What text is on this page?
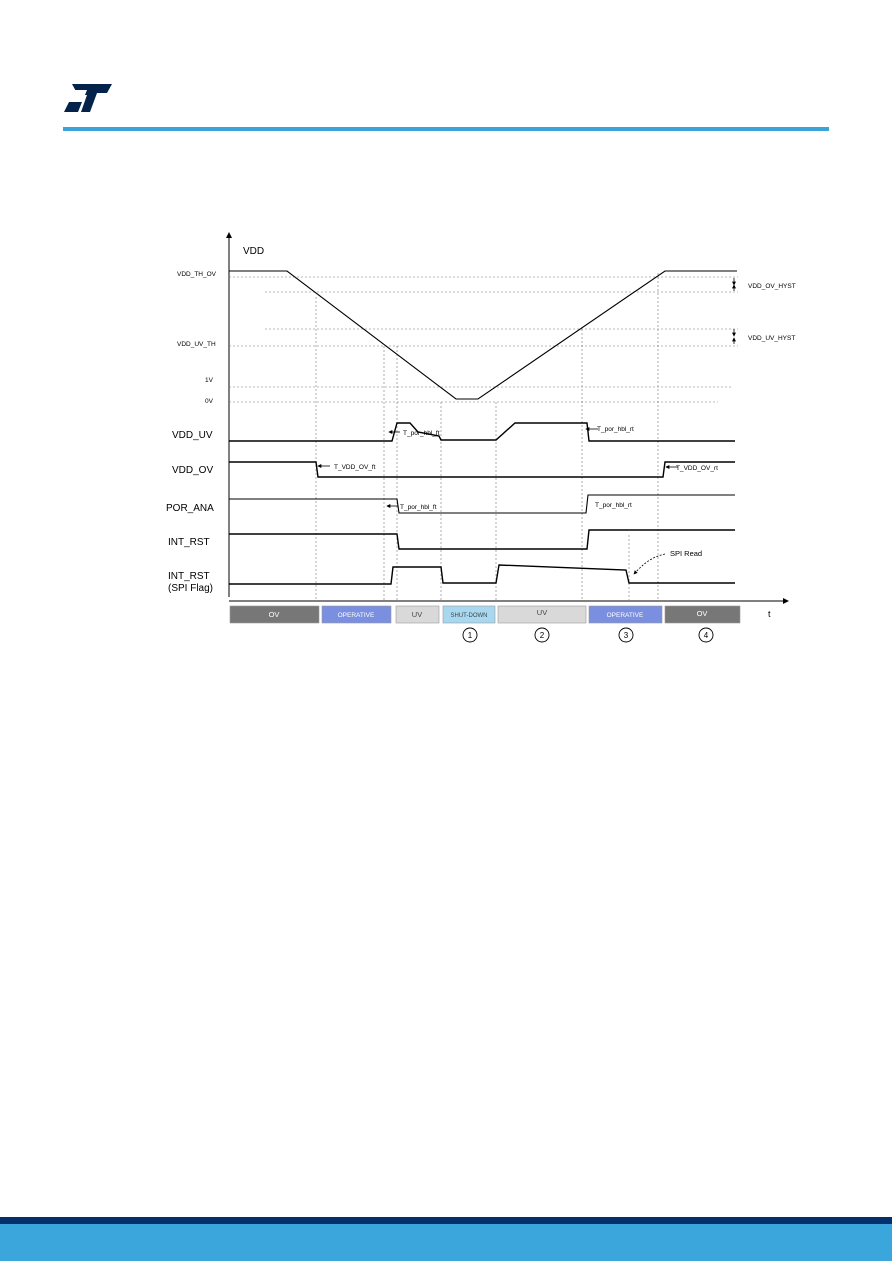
VDD
t
VDD_TH_OV
VDD_UV_TH
1V
0V
VDD_OV_HYST
VDD_UV_HYST
VDD_UV
VDD_OV
POR_ANA
INT_RST
INT_RST
(SPI Flag)
T_por_hbl_ft
T_por_hbl_rt
T_VDD_OV_ft	T_VDD_OV_rt
T_por_hbl_ft	T_por_hbl_rt
SPI Read
OV	OPERATIVE	UV	SHUT-DOWN	UV	OPERATIVE	OV
1	2	3	4
